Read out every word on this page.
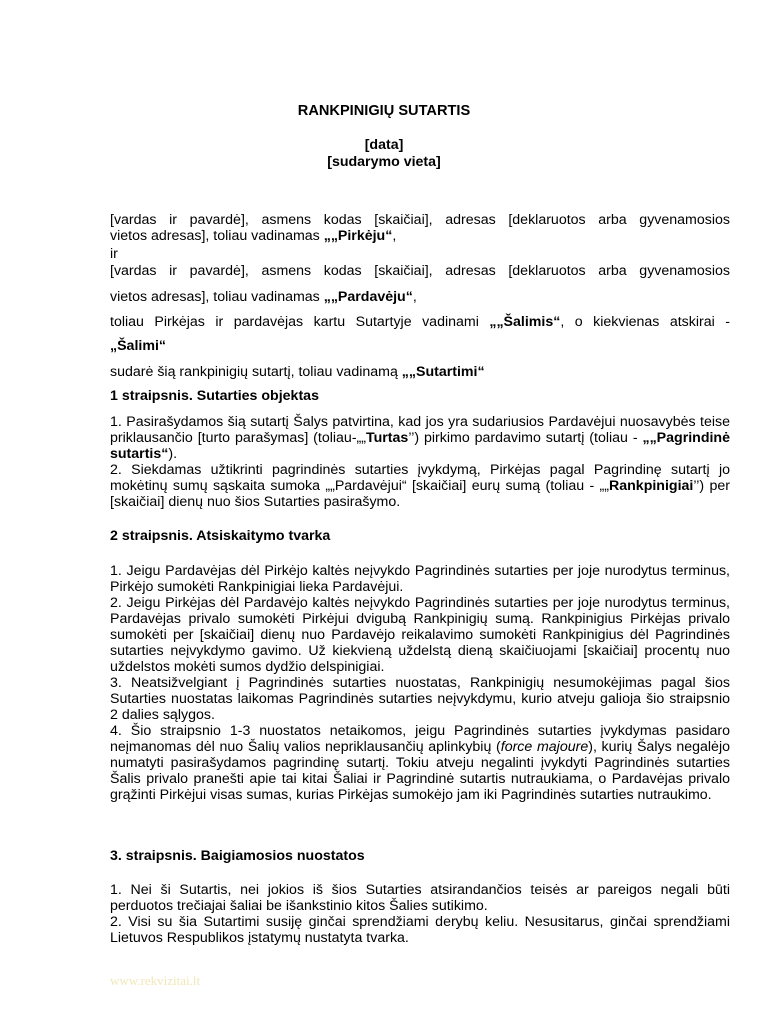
RANKPINIGIŲ SUTARTIS
[data]
[sudarymo vieta]

[vardas ir pavardė], asmens kodas [skaičiai], adresas [deklaruotos arba gyvenamosios

vietos adresas], toliau vadinamas „„Pirkėju“,

ir

[vardas ir pavardė], asmens kodas [skaičiai], adresas [deklaruotos arba gyvenamosios

vietos adresas], toliau vadinamas „„Pardavėju“,

toliau Pirkėjas ir pardavėjas kartu Sutartyje vadinami „„Šalimis“, o kiekvienas atskirai -

„Šalimi“

sudarė šią rankpinigių sutartį, toliau vadinamą „„Sutartimi“

1 straipsnis. Sutarties objektas

1. Pasirašydamos šią sutartį Šalys patvirtina, kad jos yra sudariusios Pardavėjui nuosavybės teise priklausančio [turto parašymas] (toliau-„„Turtas’’) pirkimo pardavimo sutartį (toliau - „„Pagrindinė sutartis“).

2. Siekdamas užtikrinti pagrindinės sutarties įvykdymą, Pirkėjas pagal Pagrindinę sutartį jo mokėtinų sumų sąskaita sumoka „„Pardavėjui“ [skaičiai] eurų sumą (toliau - „„Rankpinigiai’’) per [skaičiai] dienų nuo šios Sutarties pasirašymo.

2 straipsnis. Atsiskaitymo tvarka

1. Jeigu Pardavėjas dėl Pirkėjo kaltės neįvykdo Pagrindinės sutarties per joje nurodytus terminus, Pirkėjo sumokėti Rankpinigiai lieka Pardavėjui.

2. Jeigu Pirkėjas dėl Pardavėjo kaltės neįvykdo Pagrindinės sutarties per joje nurodytus terminus, Pardavėjas privalo sumokėti Pirkėjui dvigubą Rankpinigių sumą. Rankpinigius Pirkėjas privalo sumokėti per [skaičiai] dienų nuo Pardavėjo reikalavimo sumokėti Rankpinigius dėl Pagrindinės sutarties neįvykdymo gavimo. Už kiekvieną uždelstą dieną skaičiuojami [skaičiai] procentų nuo uždelstos mokėti sumos dydžio delspinigiai.

3. Neatsižvelgiant į Pagrindinės sutarties nuostatas, Rankpinigių nesumokėjimas pagal šios Sutarties nuostatas laikomas Pagrindinės sutarties neįvykdymu, kurio atveju galioja šio straipsnio 2 dalies sąlygos.

4. Šio straipsnio 1-3 nuostatos netaikomos, jeigu Pagrindinės sutarties įvykdymas pasidaro neįmanomas dėl nuo Šalių valios nepriklausančių aplinkybių (force majoure), kurių Šalys negalėjo numatyti pasirašydamos pagrindinę sutartį. Tokiu atveju negalinti įvykdyti Pagrindinės sutarties Šalis privalo pranešti apie tai kitai Šaliai ir Pagrindinė sutartis nutraukiama, o Pardavėjas privalo grąžinti Pirkėjui visas sumas, kurias Pirkėjas sumokėjo jam iki Pagrindinės sutarties nutraukimo.

3. straipsnis. Baigiamosios nuostatos

1. Nei ši Sutartis, nei jokios iš šios Sutarties atsirandančios teisės ar pareigos negali būti perduotos trečiajai šaliai be išankstinio kitos Šalies sutikimo.

2. Visi su šia Sutartimi susiję ginčai sprendžiami derybų keliu. Nesusitarus, ginčai sprendžiami Lietuvos Respublikos įstatymų nustatyta tvarka.

www.rekvizitai.lt
